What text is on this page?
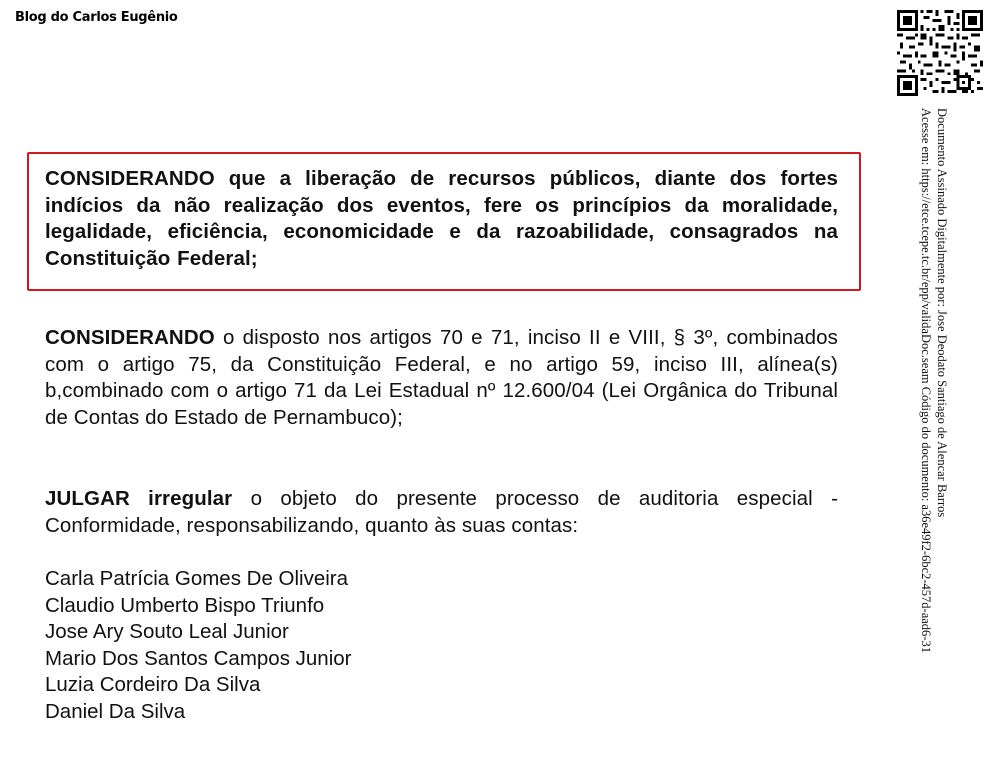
Blog do Carlos Eugênio
Documento Assinado Digitalmente por: Jose Deodato Santiago de Alencar Barros
Acesse em: https://etce.tcepe.tc.br/epp/validaDoc.seam Código do documento: a36e49f2-6bc2-457d-aad6-31
CONSIDERANDO que a liberação de recursos públicos, diante dos fortes indícios da não realização dos eventos, fere os princípios da moralidade, legalidade, eficiência, economicidade e da razoabilidade, consagrados na Constituição Federal;
CONSIDERANDO o disposto nos artigos 70 e 71, inciso II e VIII, § 3º, combinados com o artigo 75, da Constituição Federal, e no artigo 59, inciso III, alínea(s) b,combinado com o artigo 71 da Lei Estadual nº 12.600/04 (Lei Orgânica do Tribunal de Contas do Estado de Pernambuco);
JULGAR irregular o objeto do presente processo de auditoria especial - Conformidade, responsabilizando, quanto às suas contas:
Carla Patrícia Gomes De Oliveira
Claudio Umberto Bispo Triunfo
Jose Ary Souto Leal Junior
Mario Dos Santos Campos Junior
Luzia Cordeiro Da Silva
Daniel Da Silva
